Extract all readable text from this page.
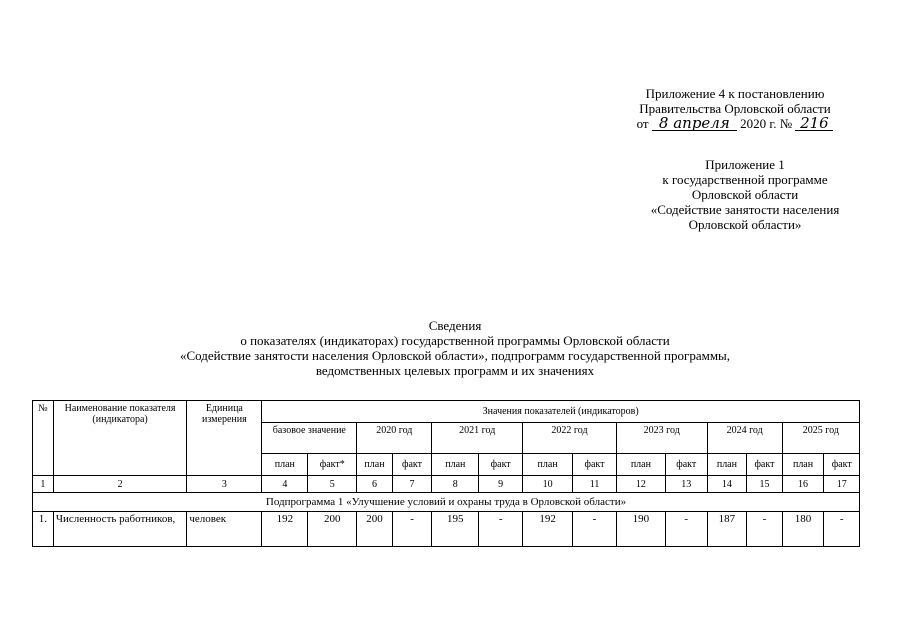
Приложение 4 к постановлению
Правительства Орловской области
от 8 апреля 2020 г. № 216
Приложение 1
к государственной программе
Орловской области
«Содействие занятости населения
Орловской области»
Сведения
о показателях (индикаторах) государственной программы Орловской области
«Содействие занятости населения Орловской области», подпрограмм государственной программы,
ведомственных целевых программ и их значениях
№	Наименование показателя (индикатора)	Единица измерения	Значения показателей (индикаторов)													
			базовое значение		2020 год		2021 год		2022 год		2023 год		2024 год		2025 год	
			план	факт*	план	факт	план	факт	план	факт	план	факт	план	факт	план	факт
1	2	3	4	5	6	7	8	9	10	11	12	13	14	15	16	17
Подпрограмма 1 «Улучшение условий и охраны труда в Орловской области»																
1.	Численность работников,	человек	192	200	200	-	195	-	192	-	190	-	187	-	180	-
